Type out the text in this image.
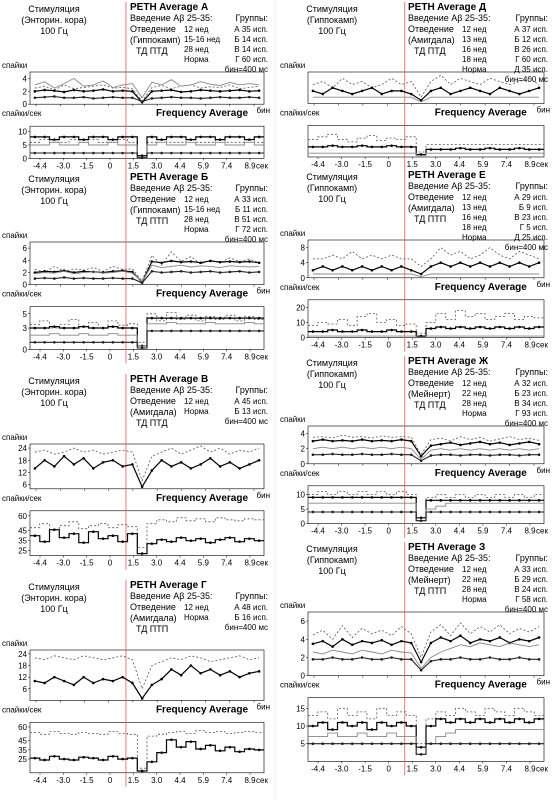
Стимуляция
(Энторин. кора)
100 Гц
PETH Average А
Введение Aβ 25-35:
Отведение
(Гиппокамп)
ТД ПТД
Группы:
12 нед	А 35 исп.
15-16 нед Б 14 исп.
28 нед	В 14 исп.
Норма	Г 60 исп.
бин=400 мс
спайки
спайки/сек	Frequency Average
4
2
0
10
5
0
бин
-4.4 -3.0 -1.5 0 1.5 3.0 4.4 5.9 7.4 8.9 сек
Стимуляция
(Энторин. кора)
100 Гц
PETH Average Б
Введение Aβ 25-35:
Отведение
(Гиппокамп)
ТД ПТП
Группы:
12 нед	А 33 исп.
15-16 нед Б 11 исп.
28 нед	В 51 исп.
Норма	Г 72 исп.
бин=400 мс
спайки
спайки/сек	Frequency Average
6
4
2
0
5
3
0
бин
-4.4 -3.0 -1.5 0 1.5 3.0 4.4 5.9 7.4 8.9 сек
Стимуляция
(Энторин. кора)
100 Гц
PETH Average В
Введение Aβ 25-35:
Отведение
(Амигдала)
ТД ПТД
Группы:
12 нед	А 45 исп.
Норма	Б 13 исп.
бин=400 мс
спайки
спайки/сек	Frequency Average
24
18
12
6
60
45
35
25
бин
-4.4 -3.0 -1.5 0 1.5 3.0 4.4 5.9 7.4 8.9 сек
Стимуляция
(Энторин. кора)
100 Гц
PETH Average Г
Введение Aβ 25-35:
Отведение
(Амигдала)
ТД ПТП
Группы:
12 нед	А 48 исп.
Норма	Б 16 исп.
бин=400 мс
спайки
спайки/сек	Frequency Average
24
18
12
6
60
45
35
25
бин
-4.4 -3.0 -1.5 0 1.5 3.0 4.4 5.9 7.4 8.9 сек
Стимуляция
(Гиппокамп)
100 Гц
PETH Average Д
Введение Aβ 25-35:
Отведение
(Амигдала)
ТД ПТД
Группы:
12 нед	А 37 исп.
13 нед	Б 12 исп.
16 нед	В 26 исп.
18 нед	Г 60 исп.
Норма	Д 35 исп.
бин=400 мс
спайки
спайки/сек	Frequency Average бин
-4.4 -3.0 -1.5 0 1.5 3.0 4.4 5.9 7.4 8.9 сек
Стимуляция
(Гиппокамп)
100 Гц
PETH Average Е
Введение Aβ 25-35:
Отведение
(Амигдала)
ТД ПТП
Группы:
12 нед	А 29 исп.
13 нед	Б 9 исп.
16 нед	В 23 исп.
18 нед	Г 5 исп.
Норма	Д 25 исп.
бин=400 мс
спайки
спайки/сек	Frequency Average
8
4
0
20
10
0
бин
-4.4 -3.0 -1.5 0 1.5 3.0 4.4 5.9 7.4 8.9 сек
Стимуляция
(Гиппокамп)
100 Гц
PETH Average Ж
Введение Aβ 25-35:
Отведение
(Мейнерт)
ТД ПТД
Группы:
12 нед	А 32 исп.
22 нед	Б 23 исп.
28 нед	В 34 исп.
Норма	Г 93 исп.
бин=400 мс
спайки
спайки/сек	Frequency Average
4
2
0
10
5
0
бин
-4.4 -3.0 -1.5 0 1.5 3.0 4.4 5.9 7.4 8.9 сек
Стимуляция
(Гиппокамп)
100 Гц
PETH Average З
Введение Aβ 25-35:
Отведение
(Мейнерт)
ТД ПТП
Группы:
12 нед	А 33 исп.
22 нед	Б 29 исп.
28 нед	В 24 исп.
Норма	Г 58 исп.
бин=400 мс
спайки
спайки/сек	Frequency Average
6
4
2
0
15
10
5
бин
-4.4 -3.0 -1.5 0 1.5 3.0 4.4 5.9 7.4 8.9 сек
